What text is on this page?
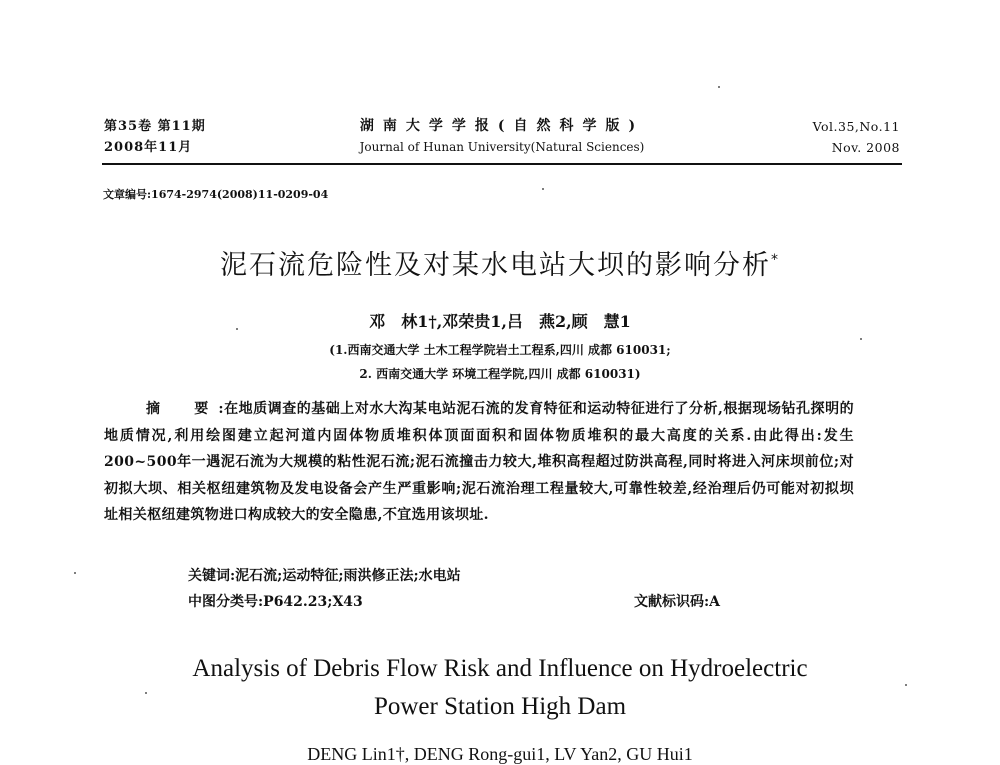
第35卷 第11期
2008年11月
湖南大学学报(自然科学版)
Journal of Hunan University(Natural Sciences)
Vol.35,No.11
Nov. 2008
文章编号:1674-2974(2008)11-0209-04
泥石流危险性及对某水电站大坝的影响分析*
邓　林1†,邓荣贵1,吕　燕2,顾　慧1
(1.西南交通大学 土木工程学院岩土工程系,四川 成都 610031;
2. 西南交通大学 环境工程学院,四川 成都 610031)

摘　要:在地质调查的基础上对水大沟某电站泥石流的发育特征和运动特征进行了分析,根据现场钻孔探明的地质情况,利用绘图建立起河道内固体物质堆积体顶面面积和固体物质堆积的最大高度的关系.由此得出:发生200~500年一遇泥石流为大规模的粘性泥石流;泥石流撞击力较大,堆积高程超过防洪高程,同时将进入河床坝前位;对初拟大坝、相关枢纽建筑物及发电设备会产生严重影响;泥石流治理工程量较大,可靠性较差,经治理后仍可能对初拟坝址相关枢纽建筑物进口构成较大的安全隐患,不宜选用该坝址.

关键词:泥石流;运动特征;雨洪修正法;水电站
中图分类号:P642.23;X43	文献标识码:A
Analysis of Debris Flow Risk and Influence on Hydroelectric
Power Station High Dam
DENG Lin1†, DENG Rong-gui1, LV Yan2, GU Hui1
